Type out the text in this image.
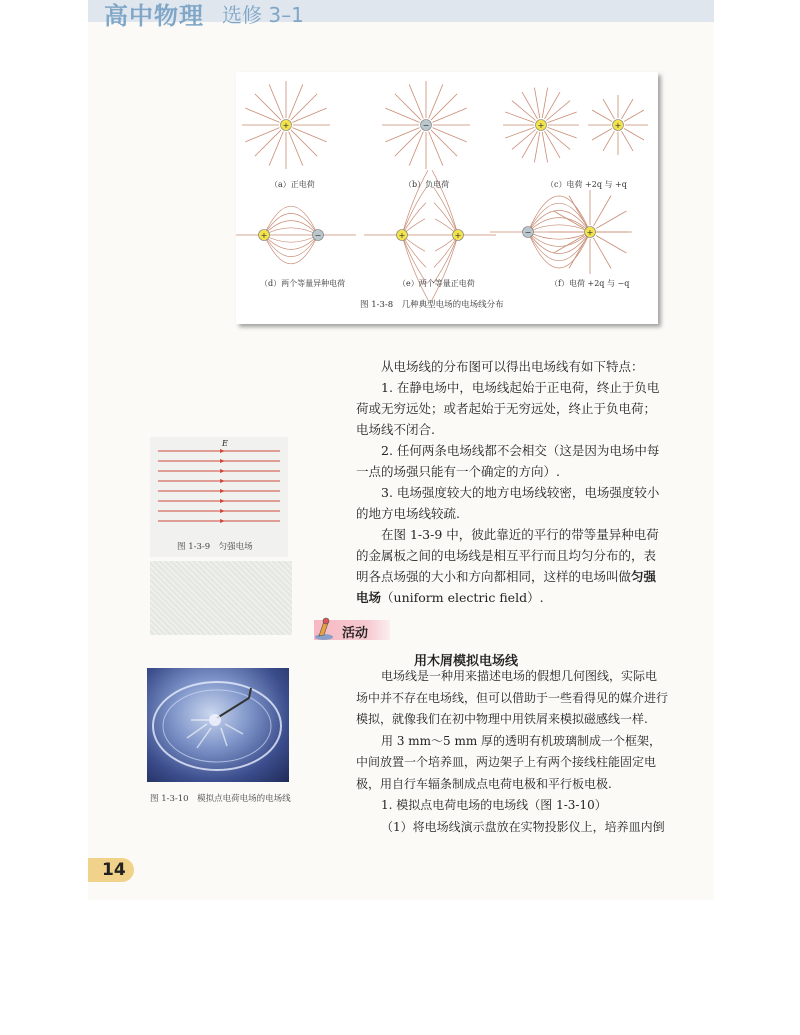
高中物理 选修 3–1
+	−	+	+
+	−	+	+	−	+
（a）正电荷	（b）负电荷	（c）电荷 +2q 与 +q
（d）两个等量异种电荷	（e）两个等量正电荷	（f）电荷 +2q 与 −q
图 1-3-8　几种典型电场的电场线分布

从电场线的分布图可以得出电场线有如下特点：

1. 在静电场中，电场线起始于正电荷，终止于负电荷或无穷远处；或者起始于无穷远处，终止于负电荷；电场线不闭合.

2. 任何两条电场线都不会相交（这是因为电场中每一点的场强只能有一个确定的方向）.

3. 电场强度较大的地方电场线较密，电场强度较小的地方电场线较疏.

在图 1-3-9 中，彼此靠近的平行的带等量异种电荷的金属板之间的电场线是相互平行而且均匀分布的，表明各点场强的大小和方向都相同，这样的电场叫做匀强电场（uniform electric field）.

E
图 1-3-9　匀强电场
活动
用木屑模拟电场线
图 1-3-10　模拟点电荷电场的电场线

电场线是一种用来描述电场的假想几何图线，实际电场中并不存在电场线，但可以借助于一些看得见的媒介进行模拟，就像我们在初中物理中用铁屑来模拟磁感线一样.

用 3 mm～5 mm 厚的透明有机玻璃制成一个框架，中间放置一个培养皿，两边架子上有两个接线柱能固定电极，用自行车辐条制成点电荷电极和平行板电极.

1. 模拟点电荷电场的电场线（图 1-3-10）

（1）将电场线演示盘放在实物投影仪上，培养皿内倒

14
